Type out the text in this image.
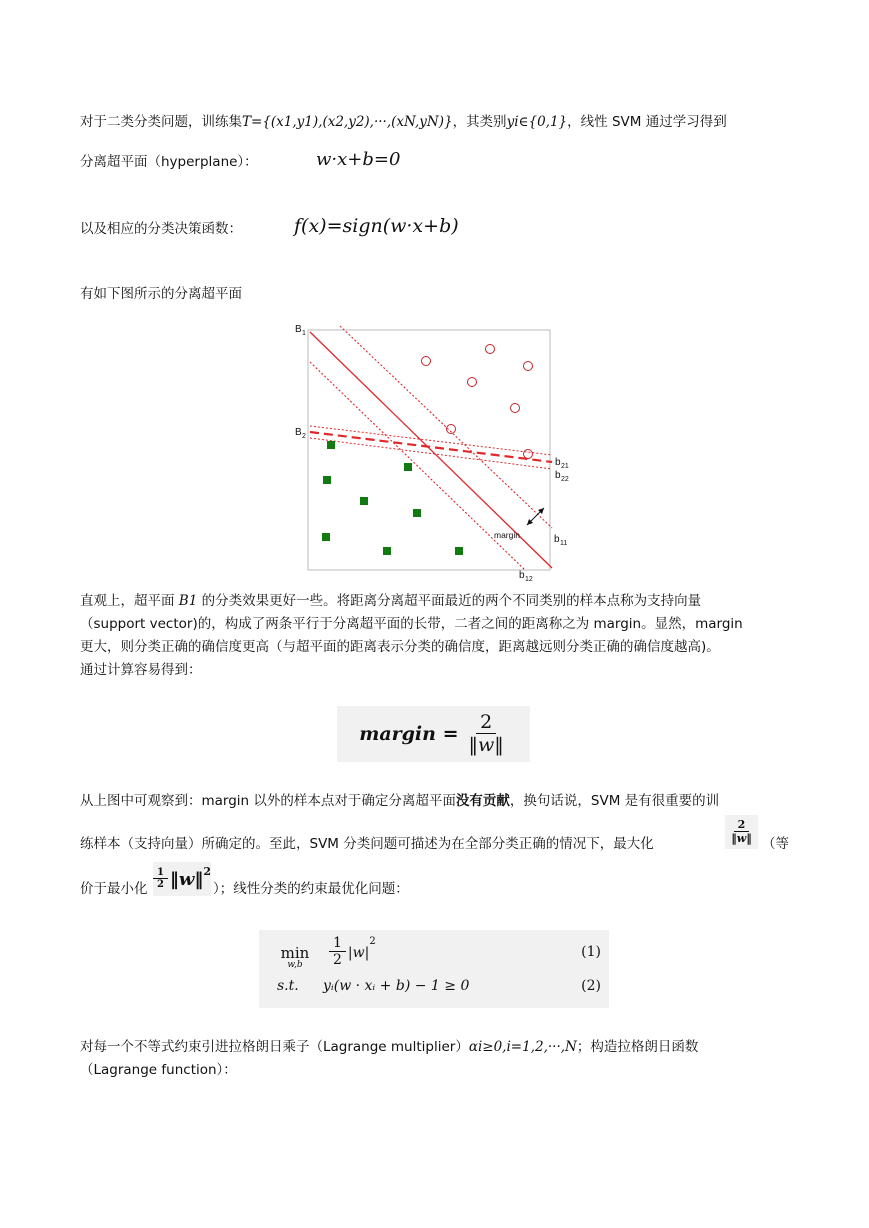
对于二类分类问题，训练集T={(x1,y1),(x2,y2),···,(xN,yN)}，其类别yi∈{0,1}，线性 SVM 通过学习得到
分离超平面（hyperplane）：	w·x+b=0
以及相应的分类决策函数：	f(x)=sign(w·x+b)
有如下图所示的分离超平面
B 1
B 2
b 21
b 22
b 11
b 12
margin
直观上，超平面 B1 的分类效果更好一些。将距离分离超平面最近的两个不同类别的样本点称为支持向量
（support vector)的，构成了两条平行于分离超平面的长带，二者之间的距离称之为 margin。显然，margin
更大，则分类正确的确信度更高（与超平面的距离表示分类的确信度，距离越远则分类正确的确信度越高)。
通过计算容易得到：
margin = $\frac{2}{‖w‖}$
从上图中可观察到：margin 以外的样本点对于确定分离超平面没有贡献，换句话说，SVM 是有很重要的训
练样本（支持向量）所确定的。至此，SVM 分类问题可描述为在全部分类正确的情况下，最大化	$\frac{2}{‖w‖}$ （等
价于最小化 $\frac{1}{2}$ ‖w‖$^2$
）；线性分类的约束最优化问题：
min
w,b	$\frac{1}{2} |w|$
$^2$
(1)
s.t. yᵢ(w · xᵢ + b) − 1 ≥ 0	(2)
对每一个不等式约束引进拉格朗日乘子（Lagrange multiplier）αi≥0,i=1,2,···,N；构造拉格朗日函数
（Lagrange function）：
